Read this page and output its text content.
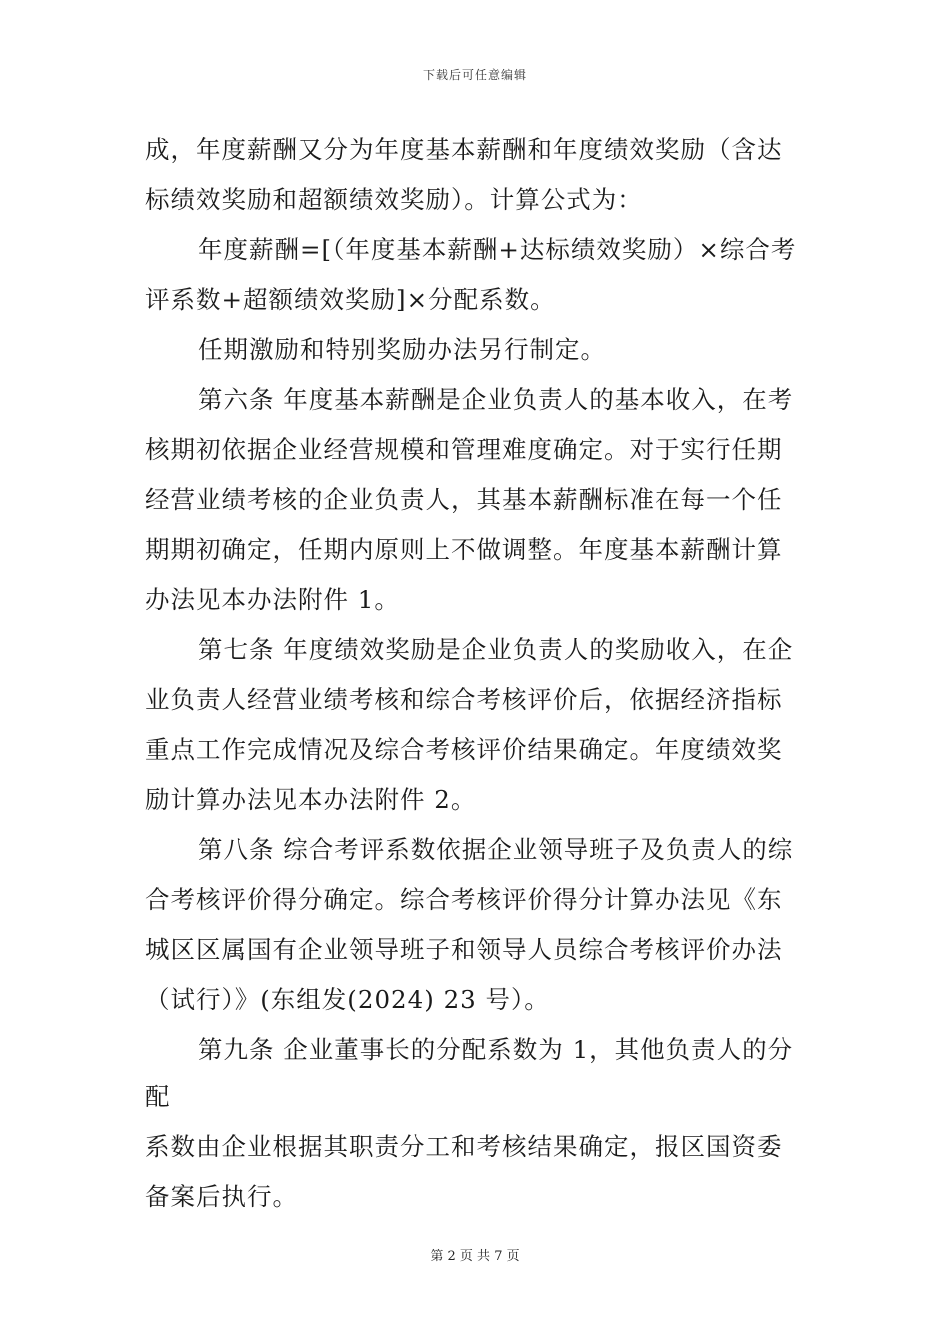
下载后可任意编辑
成，年度薪酬又分为年度基本薪酬和年度绩效奖励（含达
标绩效奖励和超额绩效奖励）。计算公式为：
年度薪酬=[（年度基本薪酬+达标绩效奖励）×综合考
评系数+超额绩效奖励]×分配系数。
任期激励和特别奖励办法另行制定。
第六条 年度基本薪酬是企业负责人的基本收入，在考
核期初依据企业经营规模和管理难度确定。对于实行任期
经营业绩考核的企业负责人，其基本薪酬标准在每一个任
期期初确定，任期内原则上不做调整。年度基本薪酬计算
办法见本办法附件 1。
第七条 年度绩效奖励是企业负责人的奖励收入，在企
业负责人经营业绩考核和综合考核评价后，依据经济指标
重点工作完成情况及综合考核评价结果确定。年度绩效奖
励计算办法见本办法附件 2。
第八条 综合考评系数依据企业领导班子及负责人的综
合考核评价得分确定。综合考核评价得分计算办法见《东
城区区属国有企业领导班子和领导人员综合考核评价办法
（试行）》(东组发(2024) 23 号）。
第九条 企业董事长的分配系数为 1，其他负责人的分
配
系数由企业根据其职责分工和考核结果确定，报区国资委
备案后执行。
第 2 页 共 7 页
